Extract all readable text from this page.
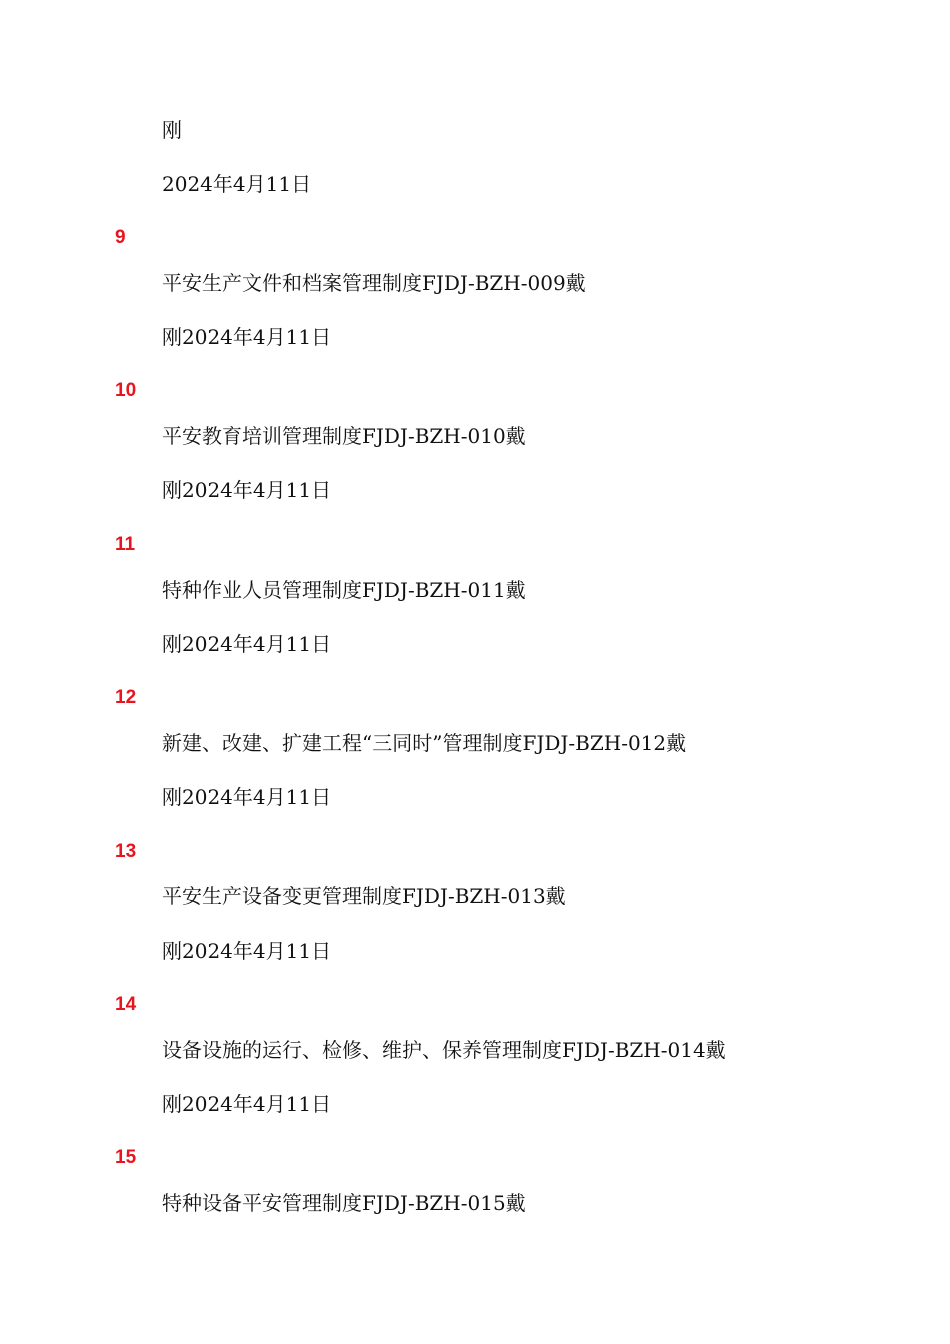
刚
2024年4月11日
9
平安生产文件和档案管理制度FJDJ-BZH-009戴
刚2024年4月11日
10
平安教育培训管理制度FJDJ-BZH-010戴
刚2024年4月11日
11
特种作业人员管理制度FJDJ-BZH-011戴
刚2024年4月11日
12
新建、改建、扩建工程“三同时”管理制度FJDJ-BZH-012戴
刚2024年4月11日
13
平安生产设备变更管理制度FJDJ-BZH-013戴
刚2024年4月11日
14
设备设施的运行、检修、维护、保养管理制度FJDJ-BZH-014戴
刚2024年4月11日
15
特种设备平安管理制度FJDJ-BZH-015戴
